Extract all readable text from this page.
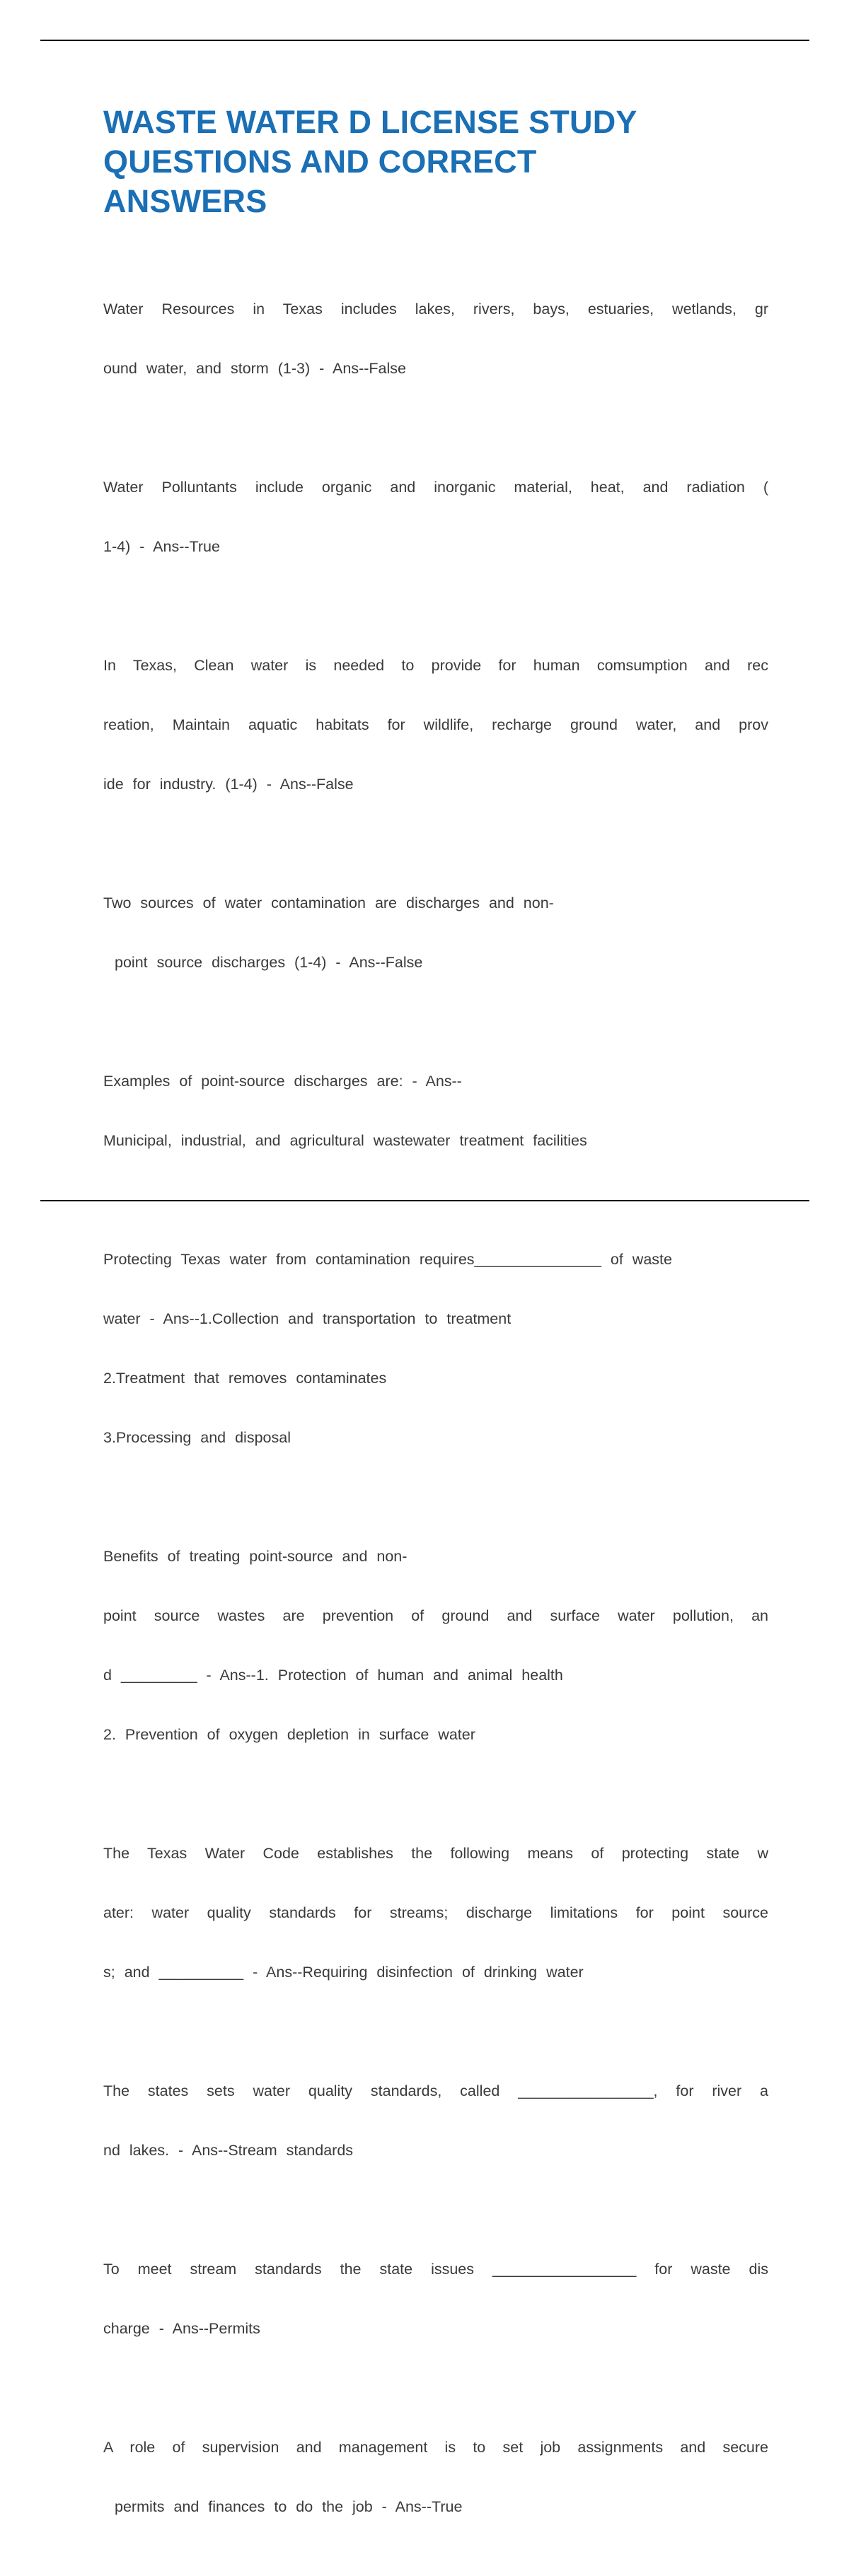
WASTE WATER D LICENSE STUDY
QUESTIONS AND CORRECT
ANSWERS

Water Resources in Texas includes lakes, rivers, bays, estuaries, wetlands, gr

ound water, and storm (1-3) - Ans--False

Water Polluntants include organic and inorganic material, heat, and radiation (

1-4) - Ans--True

In Texas, Clean water is needed to provide for human comsumption and rec

reation, Maintain aquatic habitats for wildlife, recharge ground water, and prov

ide for industry. (1-4) - Ans--False

Two sources of water contamination are discharges and non-

point source discharges (1-4) - Ans--False

Examples of point-source discharges are: - Ans--

Municipal, industrial, and agricultural wastewater treatment facilities

Protecting Texas water from contamination requires_______________ of waste

water - Ans--1.Collection and transportation to treatment

2.Treatment that removes contaminates

3.Processing and disposal

Benefits of treating point-source and non-

point source wastes are prevention of ground and surface water pollution, an

d _________ - Ans--1. Protection of human and animal health

2. Prevention of oxygen depletion in surface water

The Texas Water Code establishes the following means of protecting state w

ater: water quality standards for streams; discharge limitations for point source

s; and __________ - Ans--Requiring disinfection of drinking water

The states sets water quality standards, called ________________, for river a

nd lakes. - Ans--Stream standards

To meet stream standards the state issues _________________ for waste dis

charge - Ans--Permits

A role of supervision and management is to set job assignments and secure

permits and finances to do the job - Ans--True
